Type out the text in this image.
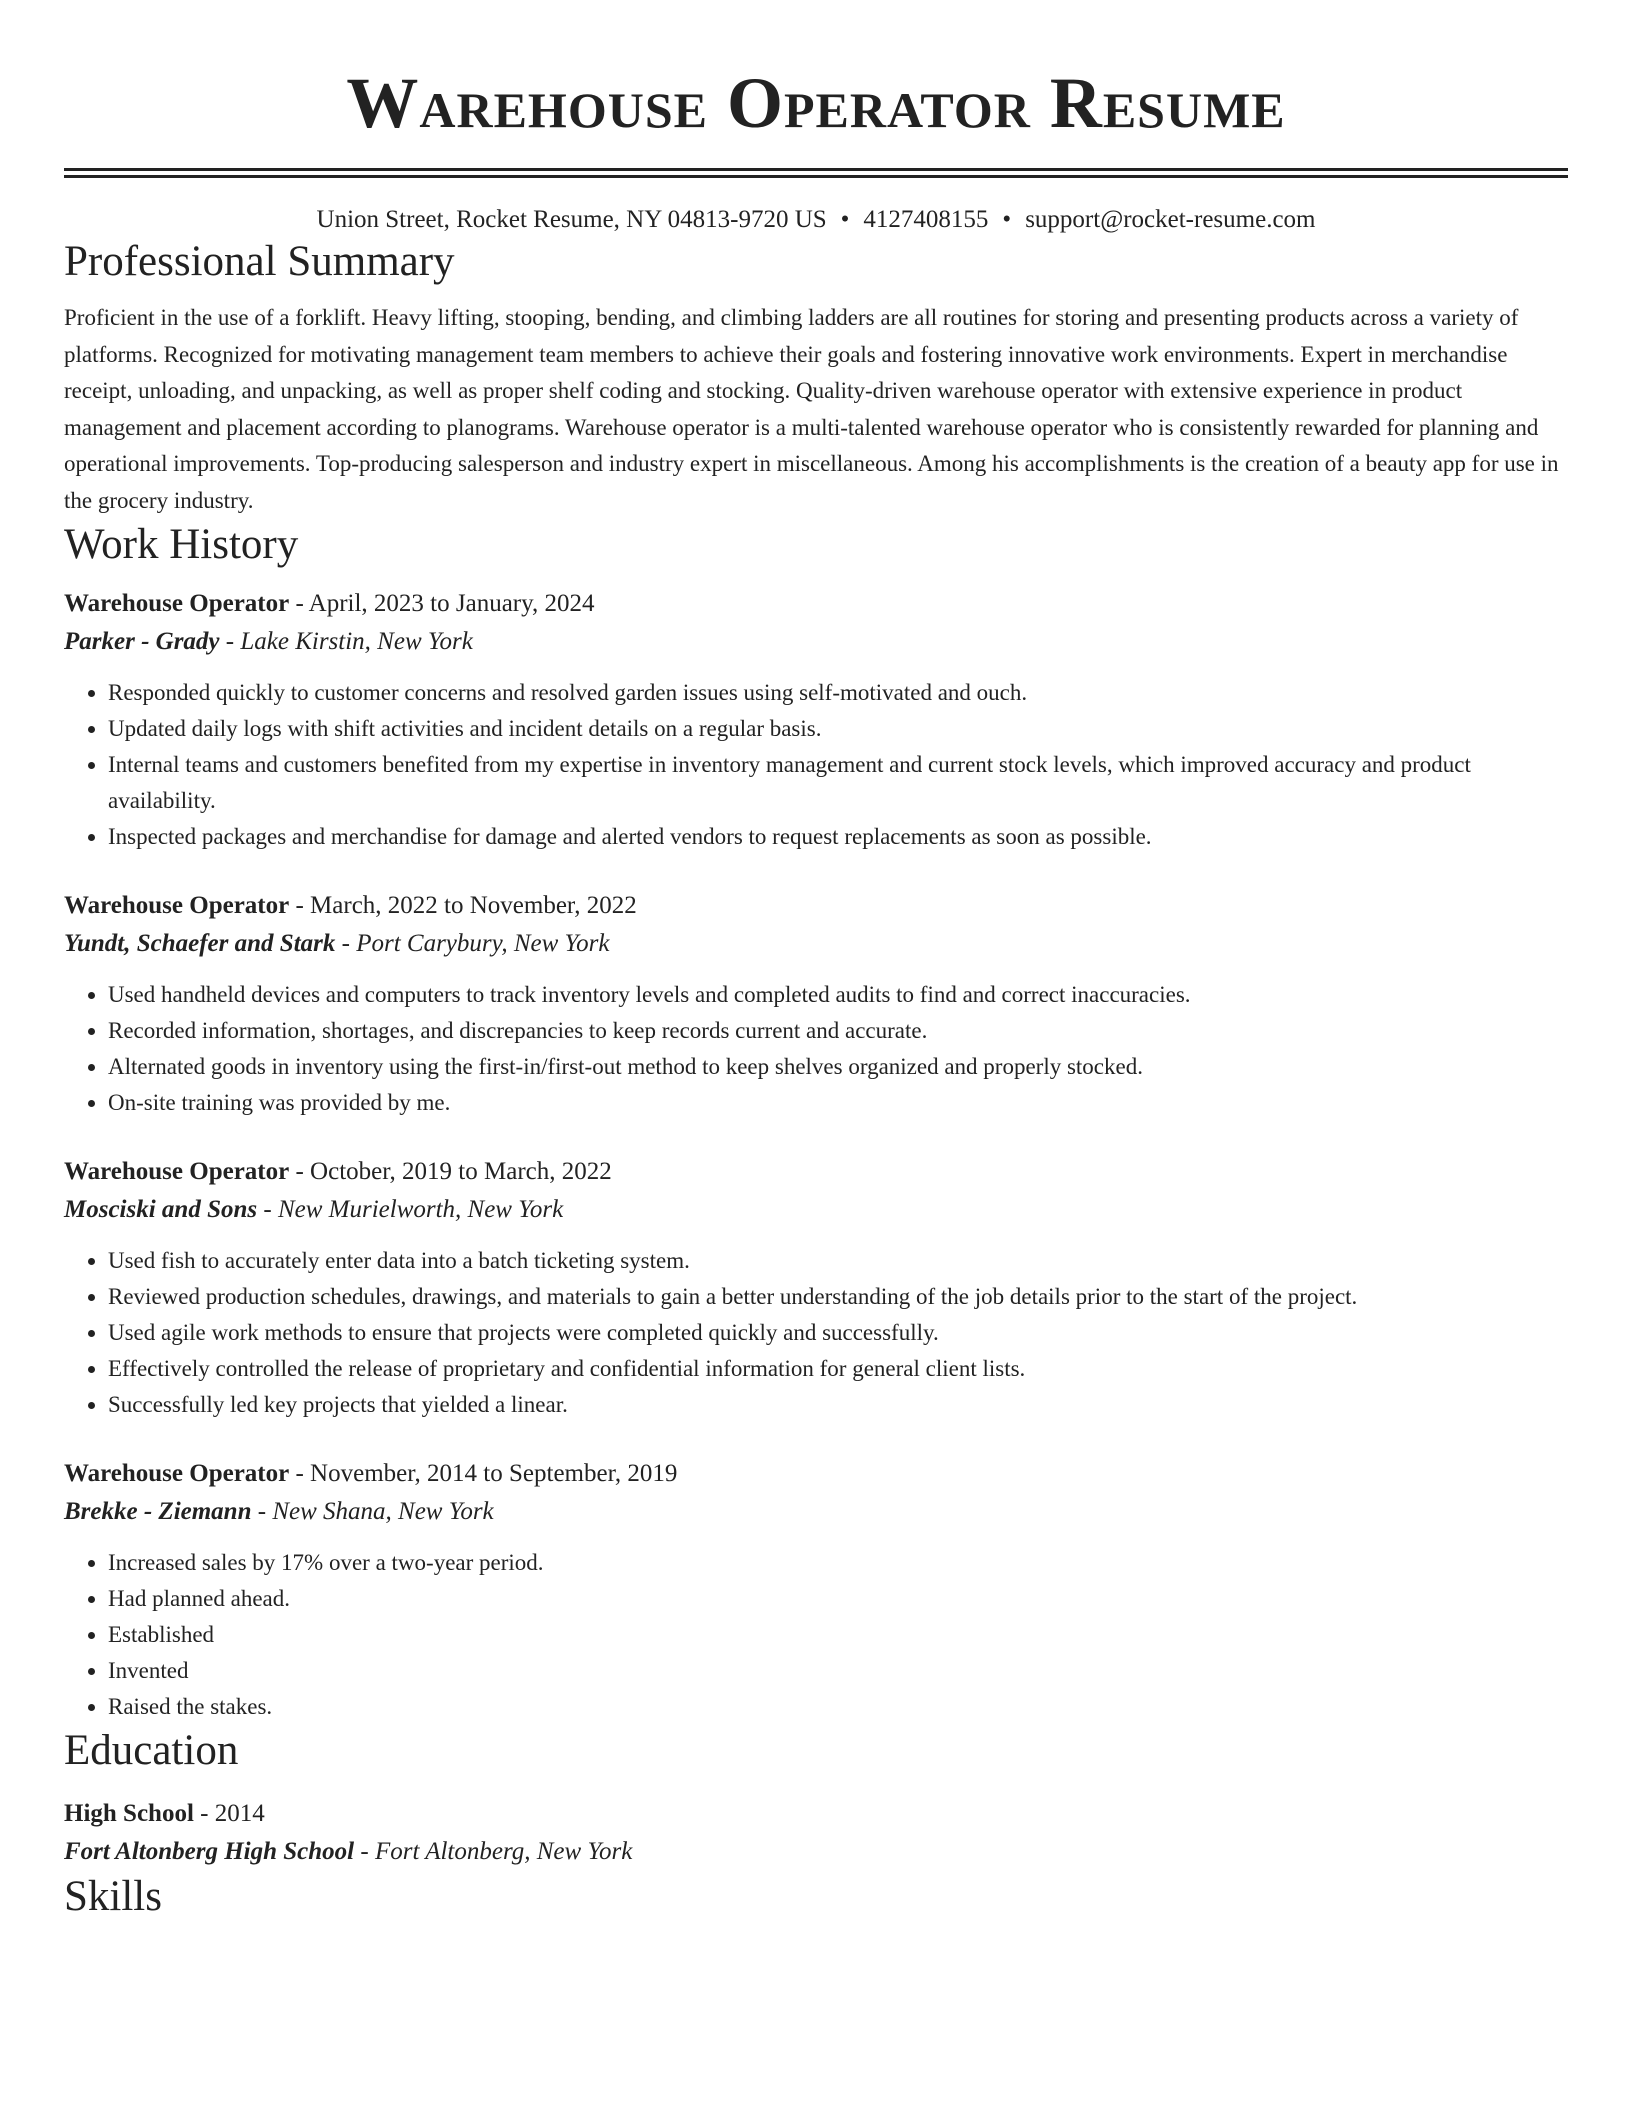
Warehouse Operator Resume
Union Street, Rocket Resume, NY 04813-9720 US • 4127408155 • support@rocket-resume.com
Professional Summary
Proficient in the use of a forklift. Heavy lifting, stooping, bending, and climbing ladders are all routines for storing and presenting products across a variety of platforms. Recognized for motivating management team members to achieve their goals and fostering innovative work environments. Expert in merchandise receipt, unloading, and unpacking, as well as proper shelf coding and stocking. Quality-driven warehouse operator with extensive experience in product management and placement according to planograms. Warehouse operator is a multi-talented warehouse operator who is consistently rewarded for planning and operational improvements. Top-producing salesperson and industry expert in miscellaneous. Among his accomplishments is the creation of a beauty app for use in the grocery industry.
Work History
Warehouse Operator - April, 2023 to January, 2024
Parker - Grady - Lake Kirstin, New York
• Responded quickly to customer concerns and resolved garden issues using self-motivated and ouch.
• Updated daily logs with shift activities and incident details on a regular basis.
• Internal teams and customers benefited from my expertise in inventory management and current stock levels, which improved accuracy and product availability.
• Inspected packages and merchandise for damage and alerted vendors to request replacements as soon as possible.
Warehouse Operator - March, 2022 to November, 2022
Yundt, Schaefer and Stark - Port Carybury, New York
• Used handheld devices and computers to track inventory levels and completed audits to find and correct inaccuracies.
• Recorded information, shortages, and discrepancies to keep records current and accurate.
• Alternated goods in inventory using the first-in/first-out method to keep shelves organized and properly stocked.
• On-site training was provided by me.
Warehouse Operator - October, 2019 to March, 2022
Mosciski and Sons - New Murielworth, New York
• Used fish to accurately enter data into a batch ticketing system.
• Reviewed production schedules, drawings, and materials to gain a better understanding of the job details prior to the start of the project.
• Used agile work methods to ensure that projects were completed quickly and successfully.
• Effectively controlled the release of proprietary and confidential information for general client lists.
• Successfully led key projects that yielded a linear.
Warehouse Operator - November, 2014 to September, 2019
Brekke - Ziemann - New Shana, New York
• Increased sales by 17% over a two-year period.
• Had planned ahead.
• Established
• Invented
• Raised the stakes.
Education
High School - 2014
Fort Altonberg High School - Fort Altonberg, New York
Skills
